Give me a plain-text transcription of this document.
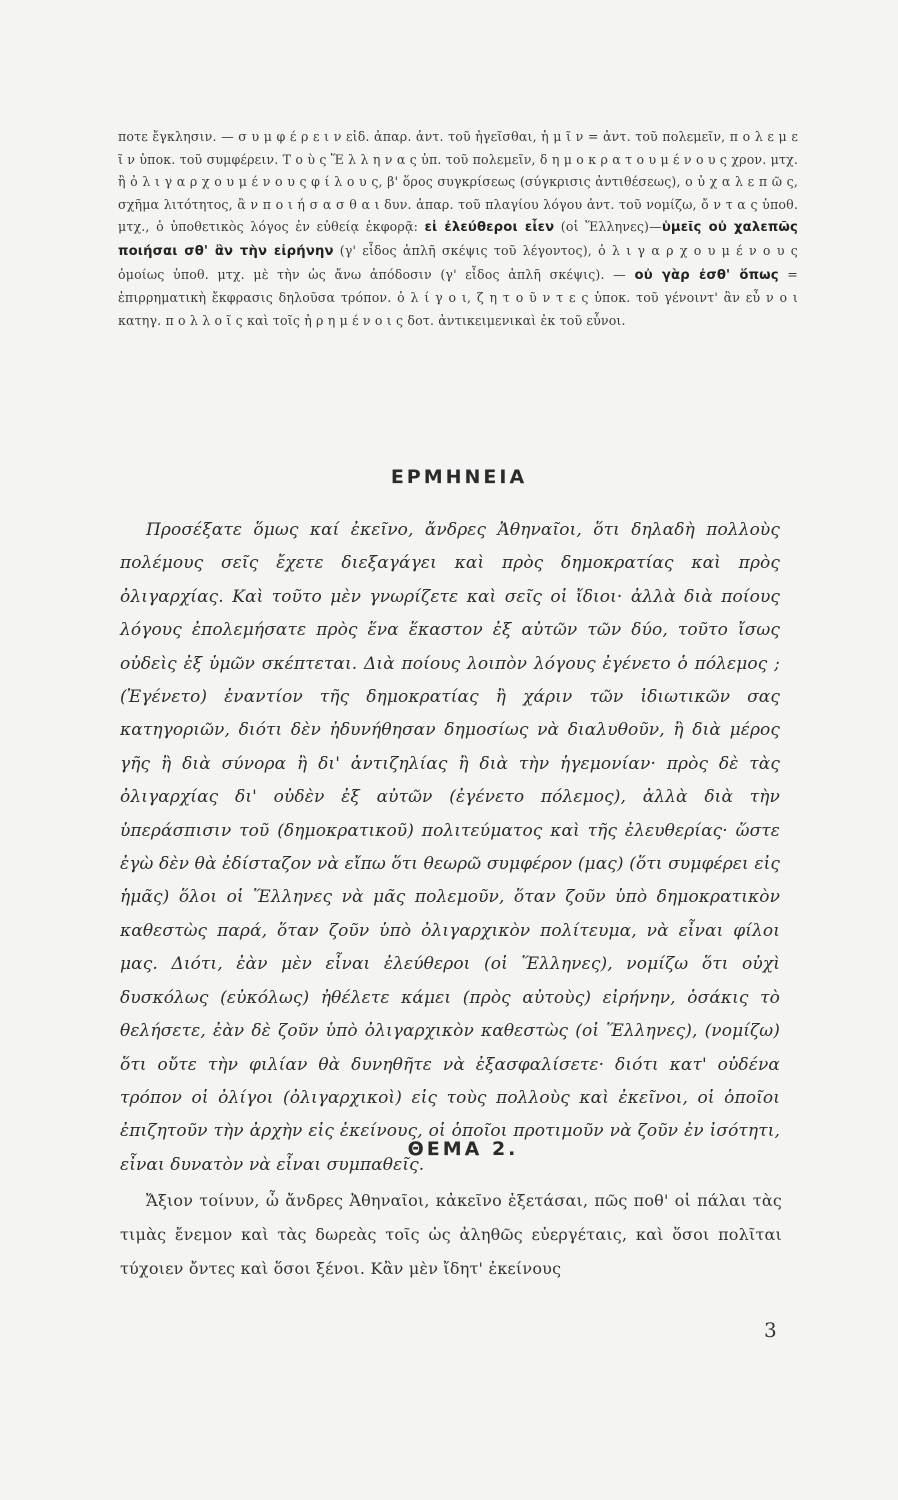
ποτε ἔγκλησιν. — σ υ μ φ έ ρ ε ι ν εἰδ. ἀπαρ. ἀντ. τοῦ ἡγεῖσθαι, ἡ μ ῖ ν = ἀντ. τοῦ πολεμεῖν, π ο λ ε μ ε ῖ ν ὑποκ. τοῦ συμφέρειν. Τ ο ὺ ς Ἕ λ λ η ν α ς ὑπ. τοῦ πολεμεῖν, δ η μ ο κ ρ α τ ο υ μ έ ν ο υ ς χρον. μτχ. ἢ ὀ λ ι γ α ρ χ ο υ μ έ ν ο υ ς φ ί λ ο υ ς, β' ὅρος συγκρίσεως (σύγκρισις ἀντιθέσεως), ο ὐ χ α λ ε π ῶ ς, σχῆμα λιτότητος, ἂ ν π ο ι ή σ α σ θ α ι δυν. ἀπαρ. τοῦ πλαγίου λόγου ἀντ. τοῦ νομίζω, ὄ ν τ α ς ὑποθ. μτχ., ὁ ὑποθετικὸς λόγος ἐν εὐθείᾳ ἐκφορᾷ: εἰ ἐλεύθεροι εἶεν (οἱ Ἕλληνες)—ὑμεῖς οὐ χαλεπῶς ποιήσαι σθ' ἂν τὴν εἰρήνην (γ' εἶδος ἁπλῆ σκέψις τοῦ λέγοντος), ὀ λ ι γ α ρ χ ο υ μ έ ν ο υ ς ὁμοίως ὑποθ. μτχ. μὲ τὴν ὡς ἄνω ἀπόδοσιν (γ' εἶδος ἁπλῆ σκέψις). — οὐ γὰρ ἐσθ' ὅπως = ἐπιρρηματικὴ ἔκφρασις δηλοῦσα τρόπον. ὀ λ ί γ ο ι, ζ η τ ο ῦ ν τ ε ς ὑποκ. τοῦ γένοιντ' ἂν εὖ ν ο ι κατηγ. π ο λ λ ο ῖ ς καὶ τοῖς ἠ ρ η μ έ ν ο ι ς δοτ. ἀντικειμενικαὶ ἐκ τοῦ εὖνοι.

ΕΡΜΗΝΕΙΑ

Προσέξατε ὅμως καί ἐκεῖνο, ἄνδρες Ἀθηναῖοι, ὅτι δηλαδὴ πολλοὺς πολέμους σεῖς ἔχετε διεξαγάγει καὶ πρὸς δημοκρατίας καὶ πρὸς ὀλιγαρχίας. Καὶ τοῦτο μὲν γνωρίζετε καὶ σεῖς οἱ ἴδιοι· ἀλλὰ διὰ ποίους λόγους ἐπολεμήσατε πρὸς ἕνα ἕκαστον ἐξ αὐτῶν τῶν δύο, τοῦτο ἴσως οὐδεὶς ἐξ ὑμῶν σκέπτεται. Διὰ ποίους λοιπὸν λόγους ἐγένετο ὁ πόλεμος ; (Ἐγένετο) ἐναντίον τῆς δημοκρατίας ἢ χάριν τῶν ἰδιωτικῶν σας κατηγοριῶν, διότι δὲν ἠδυνήθησαν δημοσίως νὰ διαλυθοῦν, ἢ διὰ μέρος γῆς ἢ διὰ σύνορα ἢ δι' ἀντιζηλίας ἢ διὰ τὴν ἡγεμονίαν· πρὸς δὲ τὰς ὀλιγαρχίας δι' οὐδὲν ἐξ αὐτῶν (ἐγένετο πόλεμος), ἀλλὰ διὰ τὴν ὑπεράσπισιν τοῦ (δημοκρατικοῦ) πολιτεύματος καὶ τῆς ἐλευθερίας· ὥστε ἐγὼ δὲν θὰ ἐδίσταζον νὰ εἴπω ὅτι θεωρῶ συμφέρον (μας) (ὅτι συμφέρει εἰς ἡμᾶς) ὅλοι οἱ Ἕλληνες νὰ μᾶς πολεμοῦν, ὅταν ζοῦν ὑπὸ δημοκρατικὸν καθεστὼς παρά, ὅταν ζοῦν ὑπὸ ὀλιγαρχικὸν πολίτευμα, νὰ εἶναι φίλοι μας. Διότι, ἐὰν μὲν εἶναι ἐλεύθεροι (οἱ Ἕλληνες), νομίζω ὅτι οὐχὶ δυσκόλως (εὐκόλως) ἠθέλετε κάμει (πρὸς αὐτοὺς) εἰρήνην, ὁσάκις τὸ θελήσετε, ἐὰν δὲ ζοῦν ὑπὸ ὀλιγαρχικὸν καθεστὼς (οἱ Ἕλληνες), (νομίζω) ὅτι οὔτε τὴν φιλίαν θὰ δυνηθῆτε νὰ ἐξασφαλίσετε· διότι κατ' οὐδένα τρόπον οἱ ὀλίγοι (ὀλιγαρχικοὶ) εἰς τοὺς πολλοὺς καὶ ἐκεῖνοι, οἱ ὁποῖοι ἐπιζητοῦν τὴν ἀρχὴν εἰς ἐκείνους, οἱ ὁποῖοι προτιμοῦν νὰ ζοῦν ἐν ἰσότητι, εἶναι δυνατὸν νὰ εἶναι συμπαθεῖς.

ΘΕΜΑ 2.

Ἄξιον τοίνυν, ὦ ἄνδρες Ἀθηναῖοι, κἀκεῖνο ἐξετάσαι, πῶς ποθ' οἱ πάλαι τὰς τιμὰς ἔνεμον καὶ τὰς δωρεὰς τοῖς ὡς ἀληθῶς εὐεργέταις, καὶ ὅσοι πολῖται τύχοιεν ὄντες καὶ ὅσοι ξένοι. Κἂν μὲν ἴδητ' ἐκείνους

3
